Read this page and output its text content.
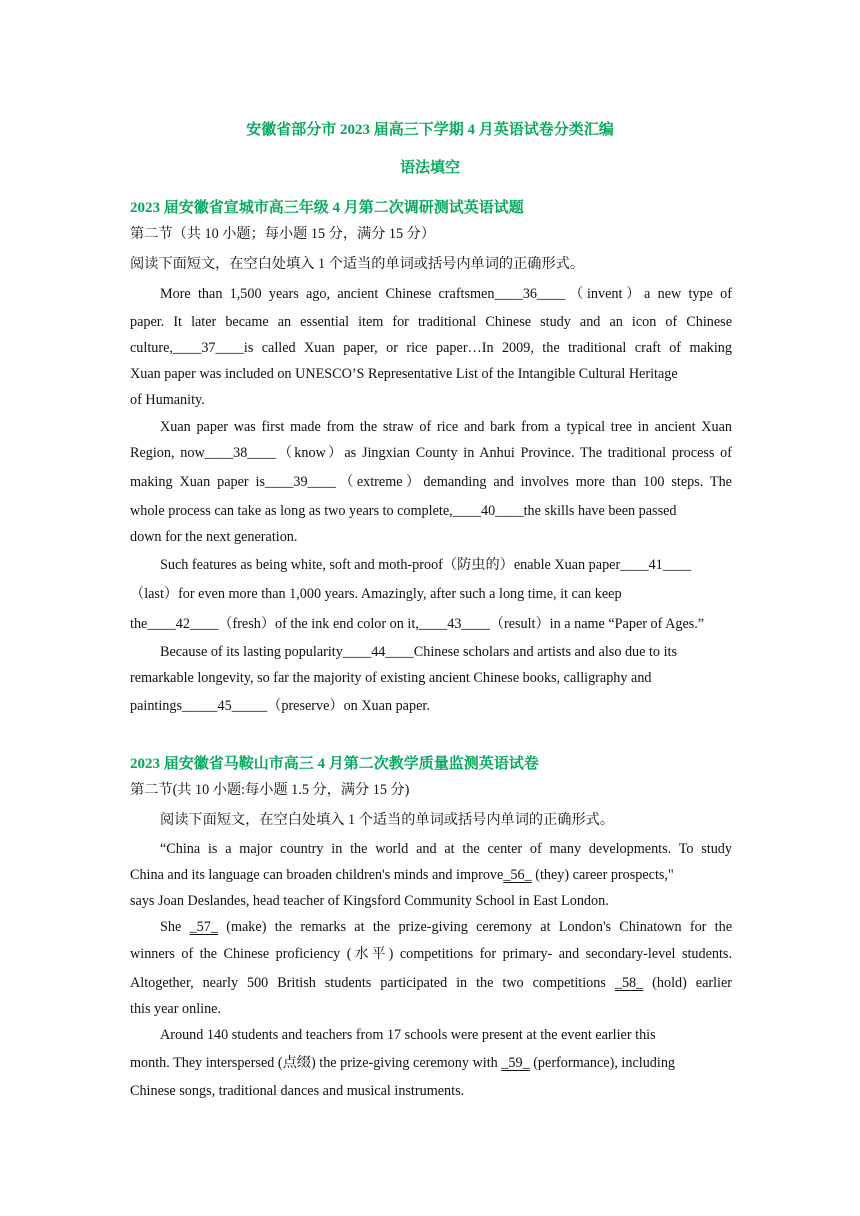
安徽省部分市 2023 届高三下学期 4 月英语试卷分类汇编
语法填空
2023 届安徽省宣城市高三年级 4 月第二次调研测试英语试题
第二节（共 10 小题；每小题 15 分，满分 15 分）
阅读下面短文，在空白处填入 1 个适当的单词或括号内单词的正确形式。
More than 1,500 years ago, ancient Chinese craftsmen____36____（invent）a new type of
paper. It later became an essential item for traditional Chinese study and an icon of Chinese
culture,____37____is called Xuan paper, or rice paper…In 2009, the traditional craft of making
Xuan paper was included on UNESCO’S Representative List of the Intangible Cultural Heritage
of Humanity.
Xuan paper was first made from the straw of rice and bark from a typical tree in ancient Xuan
Region, now____38____（know）as Jingxian County in Anhui Province. The traditional process of
making Xuan paper is____39____（extreme）demanding and involves more than 100 steps. The
whole process can take as long as two years to complete,____40____the skills have been passed
down for the next generation.
Such features as being white, soft and moth-proof（防虫的）enable Xuan paper____41____
（last）for even more than 1,000 years. Amazingly, after such a long time, it can keep
the____42____（fresh）of the ink end color on it,____43____（result）in a name “Paper of Ages.”
Because of its lasting popularity____44____Chinese scholars and artists and also due to its
remarkable longevity, so far the majority of existing ancient Chinese books, calligraphy and
paintings_____45_____（preserve）on Xuan paper.
2023 届安徽省马鞍山市高三 4 月第二次教学质量监测英语试卷
第二节(共 10 小题:每小题 1.5 分，满分 15 分)
阅读下面短文，在空白处填入 1 个适当的单词或括号内单词的正确形式。
“China is a major country in the world and at the center of many developments. To study
China and its language can broaden children's minds and improve_56_ (they) career prospects,"
says Joan Deslandes, head teacher of Kingsford Community School in East London.
She _57_ (make) the remarks at the prize-giving ceremony at London's Chinatown for the
winners of the Chinese proficiency (水平) competitions for primary- and secondary-level students.
Altogether, nearly 500 British students participated in the two competitions _58_ (hold) earlier
this year online.
Around 140 students and teachers from 17 schools were present at the event earlier this
month. They interspersed (点缀) the prize-giving ceremony with _59_ (performance), including
Chinese songs, traditional dances and musical instruments.
